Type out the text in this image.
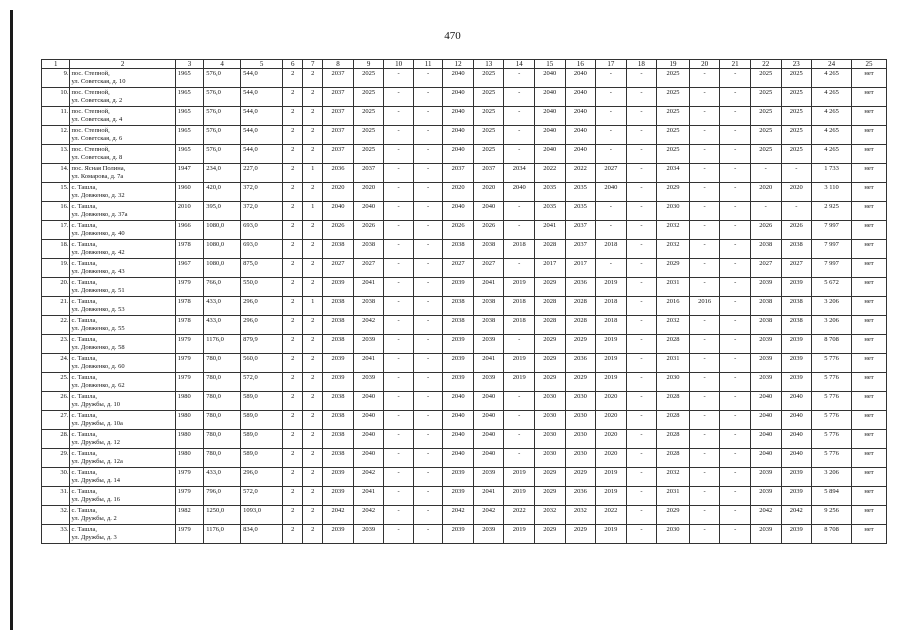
470
1	2	3	4	5	6	7	8	9	10	11	12	13	14	15	16	17	18	19	20	21	22	23	24	25
9.	пос. Степной,
ул. Советская, д. 10	1965	576,0	544,0	2	2	2037	2025	-	-	2040	2025	-	2040	2040	-	-	2025	-	-	2025	2025	4 265	нет
10.	пос. Степной,
ул. Советская, д. 2	1965	576,0	544,0	2	2	2037	2025	-	-	2040	2025	-	2040	2040	-	-	2025	-	-	2025	2025	4 265	нет
11.	пос. Степной,
ул. Советская, д. 4	1965	576,0	544,0	2	2	2037	2025	-	-	2040	2025	-	2040	2040	-	-	2025	-	-	2025	2025	4 265	нет
12.	пос. Степной,
ул. Советская, д. 6	1965	576,0	544,0	2	2	2037	2025	-	-	2040	2025	-	2040	2040	-	-	2025	-	-	2025	2025	4 265	нет
13.	пос. Степной,
ул. Советская, д. 8	1965	576,0	544,0	2	2	2037	2025	-	-	2040	2025	-	2040	2040	-	-	2025	-	-	2025	2025	4 265	нет
14.	пос. Ясная Полина,
ул. Комарова, д. 7а	1947	234,0	227,0	2	1	2036	2037	-	-	2037	2037	2034	2022	2022	2027	-	2034	-	-	-	-	1 733	нет
15.	с. Ташла,
ул. Довженко, д. 32	1960	420,0	372,0	2	2	2020	2020	-	-	2020	2020	2040	2035	2035	2040	-	2029	-	-	2020	2020	3 110	нет
16.	с. Ташла,
ул. Довженко, д. 37а	2010	395,0	372,0	2	1	2040	2040	-	-	2040	2040	-	2035	2035	-	-	2030	-	-	-	-	2 925	нет
17.	с. Ташла,
ул. Довженко, д. 40	1966	1080,0	693,0	2	2	2026	2026	-	-	2026	2026	-	2041	2037	-	-	2032	-	-	2026	2026	7 997	нет
18.	с. Ташла,
ул. Довженко, д. 42	1978	1080,0	693,0	2	2	2038	2038	-	-	2038	2038	2018	2028	2037	2018	-	2032	-	-	2038	2038	7 997	нет
19.	с. Ташла,
ул. Довженко, д. 43	1967	1080,0	875,0	2	2	2027	2027	-	-	2027	2027	-	2017	2017	-	-	2029	-	-	2027	2027	7 997	нет
20.	с. Ташла,
ул. Довженко, д. 51	1979	766,0	550,0	2	2	2039	2041	-	-	2039	2041	2019	2029	2036	2019	-	2031	-	-	2039	2039	5 672	нет
21.	с. Ташла,
ул. Довженко, д. 53	1978	433,0	296,0	2	1	2038	2038	-	-	2038	2038	2018	2028	2028	2018	-	2016	2016	-	2038	2038	3 206	нет
22.	с. Ташла,
ул. Довженко, д. 55	1978	433,0	296,0	2	2	2038	2042	-	-	2038	2038	2018	2028	2028	2018	-	2032	-	-	2038	2038	3 206	нет
23.	с. Ташла,
ул. Довженко, д. 58	1979	1176,0	879,9	2	2	2038	2039	-	-	2039	2039	-	2029	2029	2019	-	2028	-	-	2039	2039	8 708	нет
24.	с. Ташла,
ул. Довженко, д. 60	1979	780,0	560,0	2	2	2039	2041	-	-	2039	2041	2019	2029	2036	2019	-	2031	-	-	2039	2039	5 776	нет
25.	с. Ташла,
ул. Довженко, д. 62	1979	780,0	572,0	2	2	2039	2039	-	-	2039	2039	2019	2029	2029	2019	-	2030	-	-	2039	2039	5 776	нет
26.	с. Ташла,
ул. Дружбы, д. 10	1980	780,0	589,0	2	2	2038	2040	-	-	2040	2040	-	2030	2030	2020	-	2028	-	-	2040	2040	5 776	нет
27.	с. Ташла,
ул. Дружбы, д. 10а	1980	780,0	589,0	2	2	2038	2040	-	-	2040	2040	-	2030	2030	2020	-	2028	-	-	2040	2040	5 776	нет
28.	с. Ташла,
ул. Дружбы, д. 12	1980	780,0	589,0	2	2	2038	2040	-	-	2040	2040	-	2030	2030	2020	-	2028	-	-	2040	2040	5 776	нет
29.	с. Ташла,
ул. Дружбы, д. 12а	1980	780,0	589,0	2	2	2038	2040	-	-	2040	2040	-	2030	2030	2020	-	2028	-	-	2040	2040	5 776	нет
30.	с. Ташла,
ул. Дружбы, д. 14	1979	433,0	296,0	2	2	2039	2042	-	-	2039	2039	2019	2029	2029	2019	-	2032	-	-	2039	2039	3 206	нет
31.	с. Ташла,
ул. Дружбы, д. 16	1979	796,0	572,0	2	2	2039	2041	-	-	2039	2041	2019	2029	2036	2019	-	2031	-	-	2039	2039	5 894	нет
32.	с. Ташла,
ул. Дружбы, д. 2	1982	1250,0	1093,0	2	2	2042	2042	-	-	2042	2042	2022	2032	2032	2022	-	2029	-	-	2042	2042	9 256	нет
33.	с. Ташла,
ул. Дружбы, д. 3	1979	1176,0	834,0	2	2	2039	2039	-	-	2039	2039	2019	2029	2029	2019	-	2030	-	-	2039	2039	8 708	нет
